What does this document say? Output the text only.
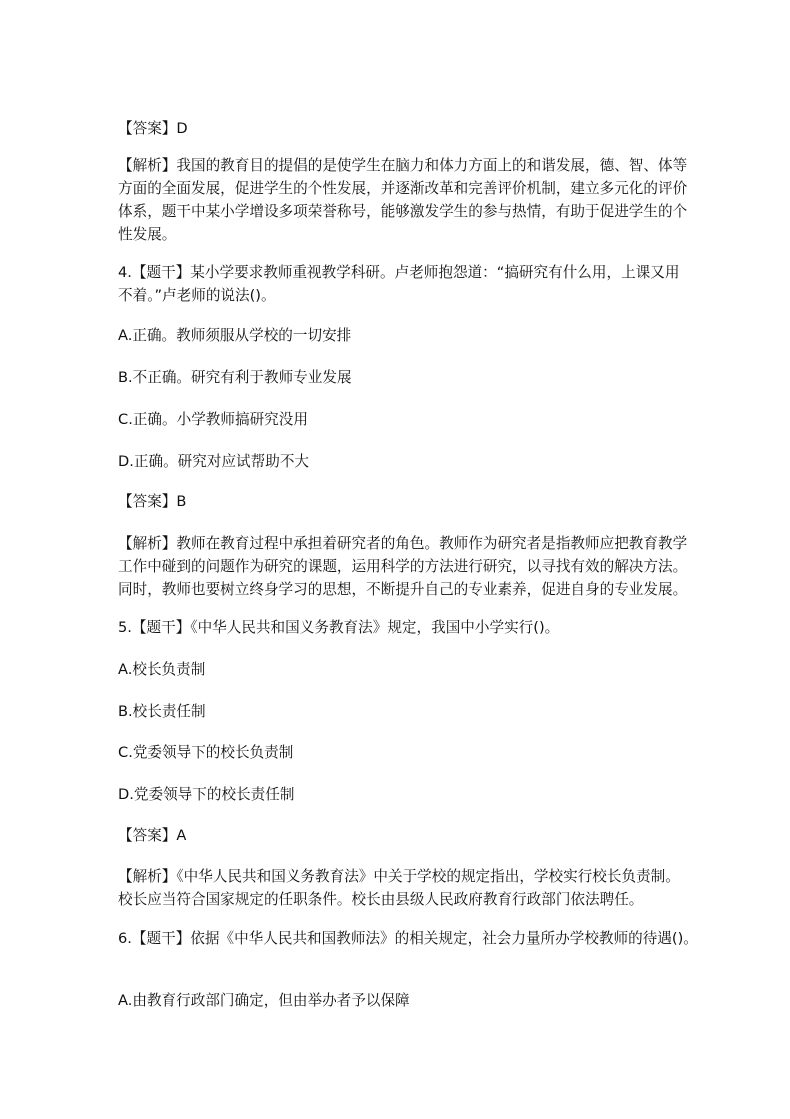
【答案】D
【解析】我国的教育目的提倡的是使学生在脑力和体力方面上的和谐发展，德、智、体等
方面的全面发展，促进学生的个性发展，并逐渐改革和完善评价机制，建立多元化的评价
体系，题干中某小学增设多项荣誉称号，能够激发学生的参与热情，有助于促进学生的个
性发展。
4.【题干】某小学要求教师重视教学科研。卢老师抱怨道：“搞研究有什么用，上课又用
不着。”卢老师的说法()。
A.正确。教师须服从学校的一切安排
B.不正确。研究有利于教师专业发展
C.正确。小学教师搞研究没用
D.正确。研究对应试帮助不大
【答案】B
【解析】教师在教育过程中承担着研究者的角色。教师作为研究者是指教师应把教育教学
工作中碰到的问题作为研究的课题，运用科学的方法进行研究，以寻找有效的解决方法。
同时，教师也要树立终身学习的思想，不断提升自己的专业素养，促进自身的专业发展。
5.【题干】《中华人民共和国义务教育法》规定，我国中小学实行()。
A.校长负责制
B.校长责任制
C.党委领导下的校长负责制
D.党委领导下的校长责任制
【答案】A
【解析】《中华人民共和国义务教育法》中关于学校的规定指出，学校实行校长负责制。
校长应当符合国家规定的任职条件。校长由县级人民政府教育行政部门依法聘任。
6.【题干】依据《中华人民共和国教师法》的相关规定，社会力量所办学校教师的待遇()。
A.由教育行政部门确定，但由举办者予以保障
